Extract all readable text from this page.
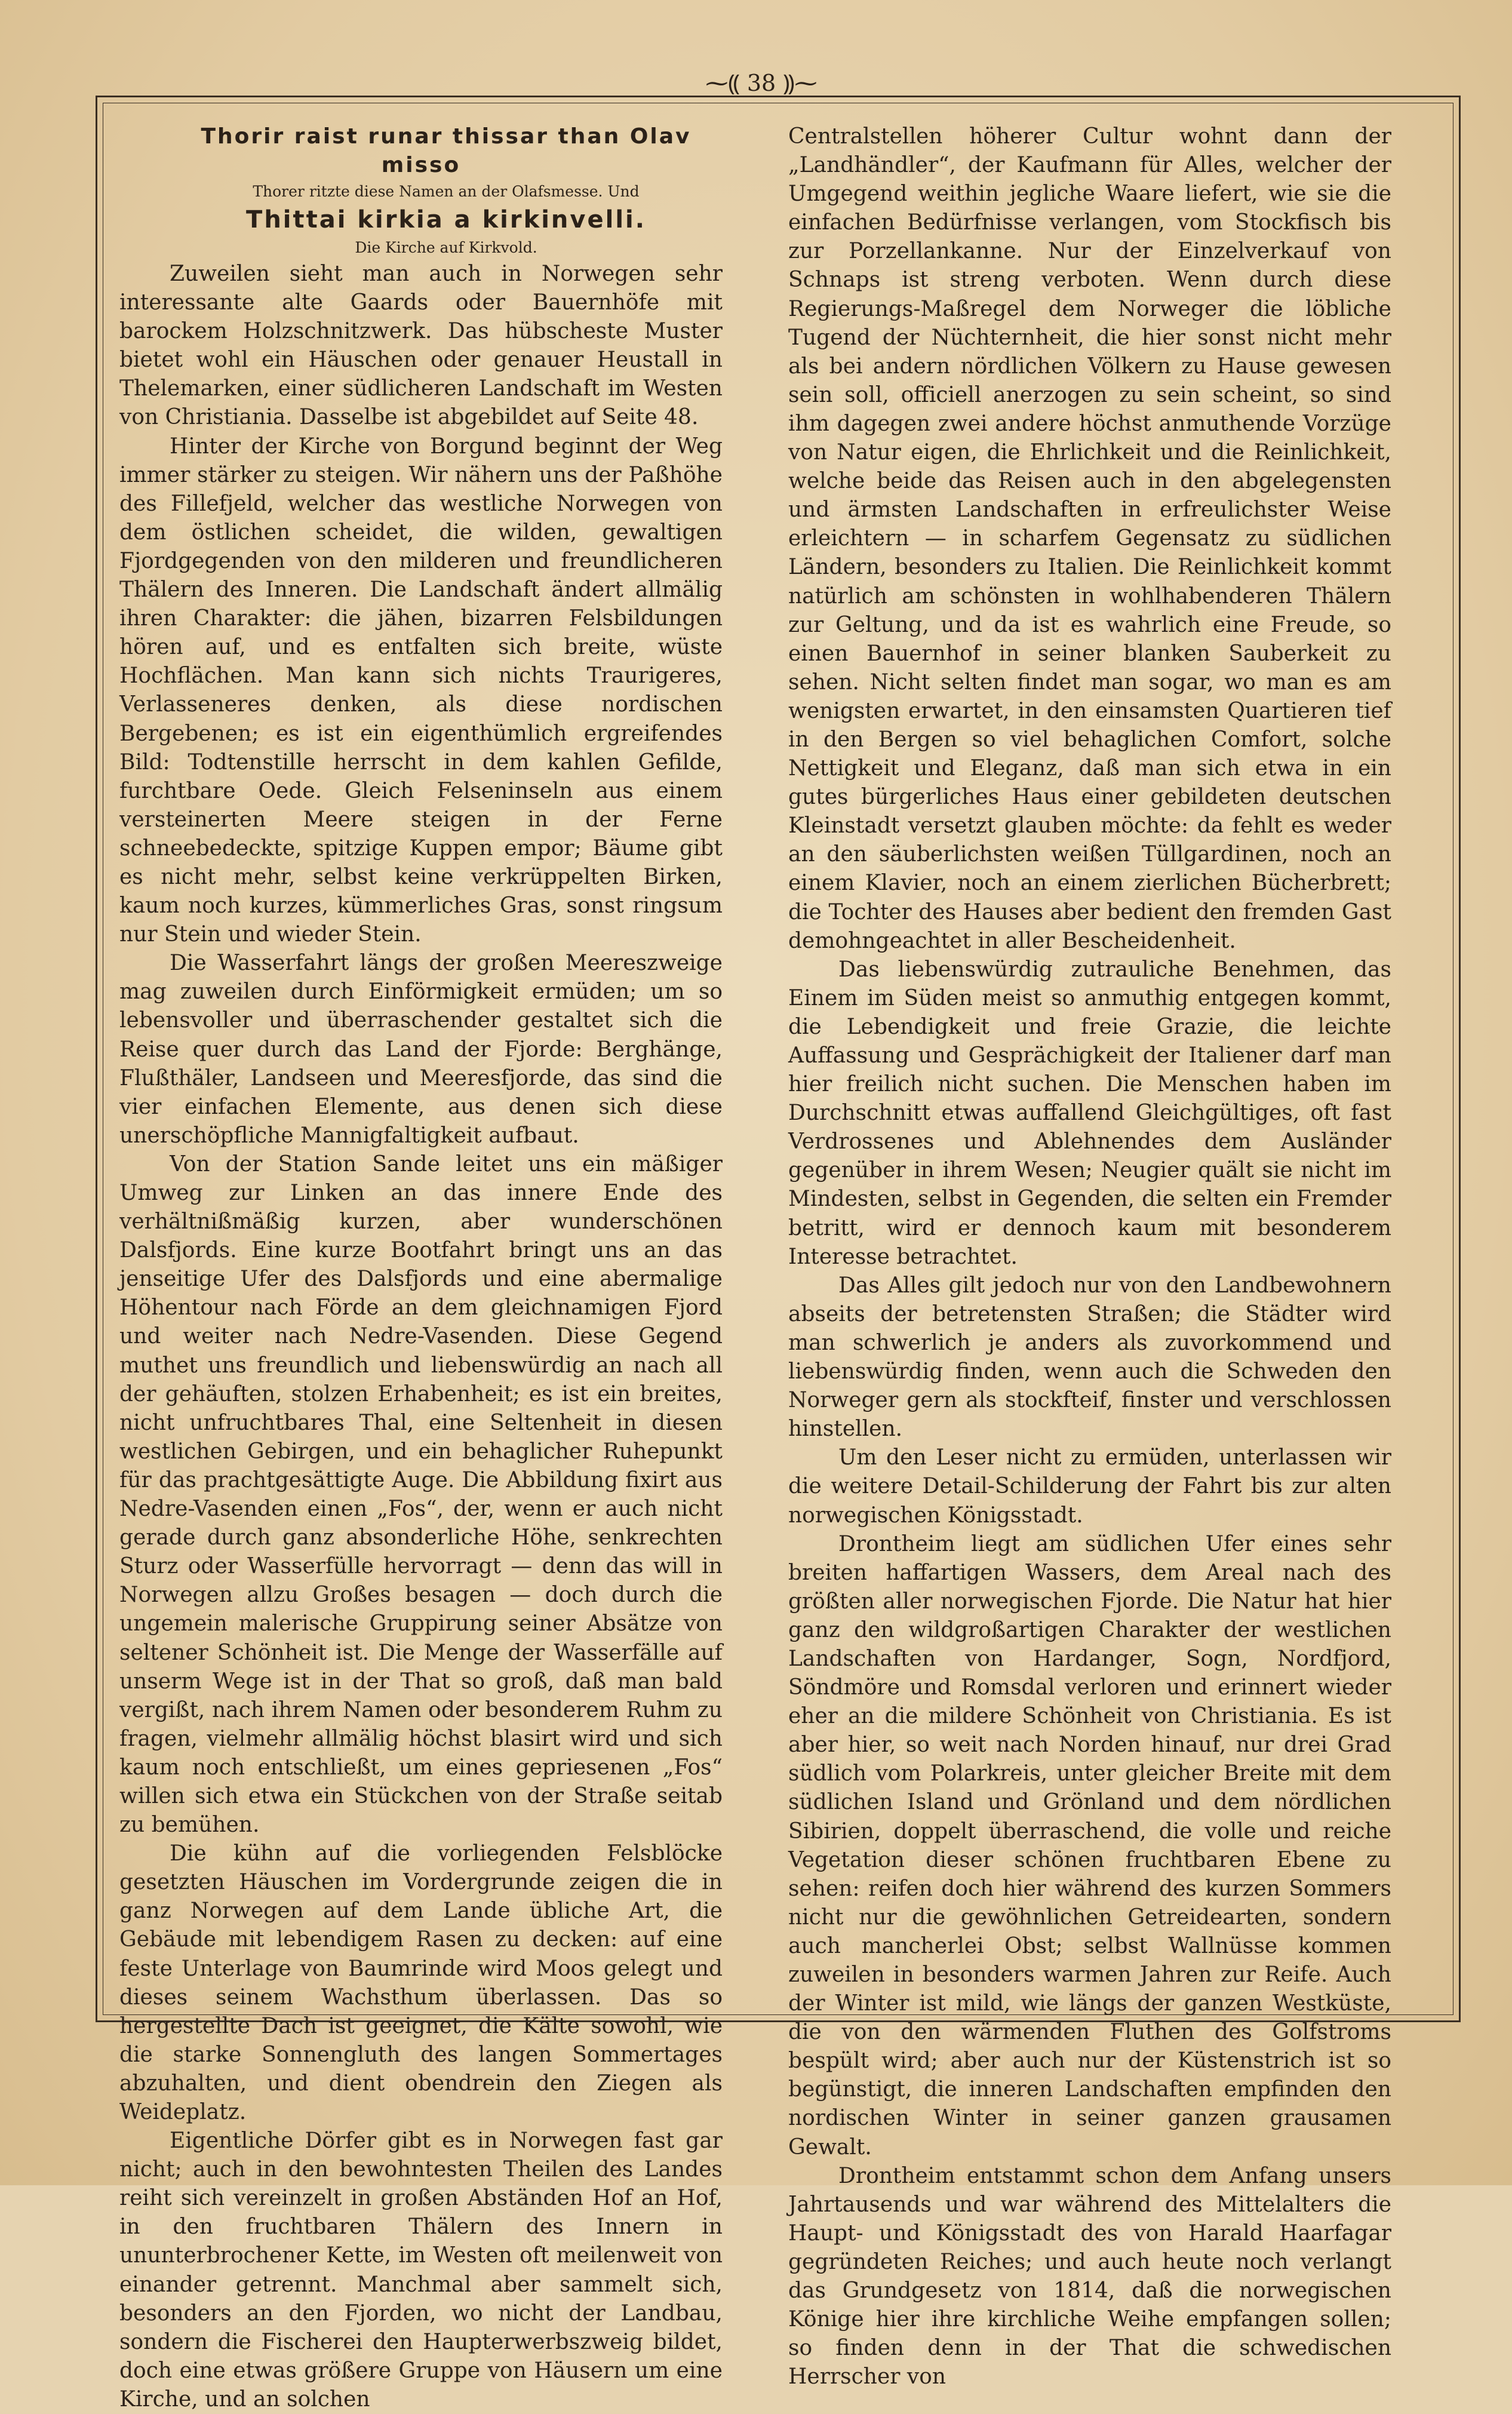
⁓⸨ 38 ⸩⁓

Thorir raist runar thissar than Olav misso

Thorer ritzte diese Namen an der Olafsmesse. Und

Thittai kirkia a kirkinvelli.

Die Kirche auf Kirkvold.

Zuweilen sieht man auch in Norwegen sehr interessante alte Gaards oder Bauernhöfe mit barockem Holzschnitzwerk. Das hübscheste Muster bietet wohl ein Häuschen oder genauer Heustall in Thelemarken, einer südlicheren Landschaft im Westen von Christiania. Dasselbe ist abgebildet auf Seite 48.

Hinter der Kirche von Borgund beginnt der Weg immer stärker zu steigen. Wir nähern uns der Paßhöhe des Fillefjeld, welcher das westliche Norwegen von dem östlichen scheidet, die wilden, gewaltigen Fjordgegenden von den milderen und freundlicheren Thälern des Inneren. Die Landschaft ändert allmälig ihren Charakter: die jähen, bizarren Felsbildungen hören auf, und es entfalten sich breite, wüste Hochflächen. Man kann sich nichts Traurigeres, Verlasseneres denken, als diese nordischen Bergebenen; es ist ein eigenthümlich ergreifendes Bild: Todtenstille herrscht in dem kahlen Gefilde, furchtbare Oede. Gleich Felseninseln aus einem versteinerten Meere steigen in der Ferne schneebedeckte, spitzige Kuppen empor; Bäume gibt es nicht mehr, selbst keine verkrüppelten Birken, kaum noch kurzes, kümmerliches Gras, sonst ringsum nur Stein und wieder Stein.

Die Wasserfahrt längs der großen Meereszweige mag zuweilen durch Einförmigkeit ermüden; um so lebensvoller und überraschender gestaltet sich die Reise quer durch das Land der Fjorde: Berghänge, Flußthäler, Landseen und Meeresfjorde, das sind die vier einfachen Elemente, aus denen sich diese unerschöpfliche Mannigfaltigkeit aufbaut.

Von der Station Sande leitet uns ein mäßiger Umweg zur Linken an das innere Ende des verhältnißmäßig kurzen, aber wunderschönen Dalsfjords. Eine kurze Bootfahrt bringt uns an das jenseitige Ufer des Dalsfjords und eine abermalige Höhentour nach Förde an dem gleichnamigen Fjord und weiter nach Nedre-Vasenden. Diese Gegend muthet uns freundlich und liebenswürdig an nach all der gehäuften, stolzen Erhabenheit; es ist ein breites, nicht unfruchtbares Thal, eine Seltenheit in diesen westlichen Gebirgen, und ein behaglicher Ruhepunkt für das prachtgesättigte Auge. Die Abbildung fixirt aus Nedre-Vasenden einen „Fos“, der, wenn er auch nicht gerade durch ganz absonderliche Höhe, senkrechten Sturz oder Wasserfülle hervorragt — denn das will in Norwegen allzu Großes besagen — doch durch die ungemein malerische Gruppirung seiner Absätze von seltener Schönheit ist. Die Menge der Wasserfälle auf unserm Wege ist in der That so groß, daß man bald vergißt, nach ihrem Namen oder besonderem Ruhm zu fragen, vielmehr allmälig höchst blasirt wird und sich kaum noch entschließt, um eines gepriesenen „Fos“ willen sich etwa ein Stückchen von der Straße seitab zu bemühen.

Die kühn auf die vorliegenden Felsblöcke gesetzten Häuschen im Vordergrunde zeigen die in ganz Norwegen auf dem Lande übliche Art, die Gebäude mit lebendigem Rasen zu decken: auf eine feste Unterlage von Baumrinde wird Moos gelegt und dieses seinem Wachsthum überlassen. Das so hergestellte Dach ist geeignet, die Kälte sowohl, wie die starke Sonnengluth des langen Sommertages abzuhalten, und dient obendrein den Ziegen als Weideplatz.

Eigentliche Dörfer gibt es in Norwegen fast gar nicht; auch in den bewohntesten Theilen des Landes reiht sich vereinzelt in großen Abständen Hof an Hof, in den fruchtbaren Thälern des Innern in ununterbrochener Kette, im Westen oft meilenweit von einander getrennt. Manchmal aber sammelt sich, besonders an den Fjorden, wo nicht der Landbau, sondern die Fischerei den Haupterwerbszweig bildet, doch eine etwas größere Gruppe von Häusern um eine Kirche, und an solchen

Centralstellen höherer Cultur wohnt dann der „Landhändler“, der Kaufmann für Alles, welcher der Umgegend weithin jegliche Waare liefert, wie sie die einfachen Bedürfnisse verlangen, vom Stockfisch bis zur Porzellankanne. Nur der Einzelverkauf von Schnaps ist streng verboten. Wenn durch diese Regierungs-Maßregel dem Norweger die löbliche Tugend der Nüchternheit, die hier sonst nicht mehr als bei andern nördlichen Völkern zu Hause gewesen sein soll, officiell anerzogen zu sein scheint, so sind ihm dagegen zwei andere höchst anmuthende Vorzüge von Natur eigen, die Ehrlichkeit und die Reinlichkeit, welche beide das Reisen auch in den abgelegensten und ärmsten Landschaften in erfreulichster Weise erleichtern — in scharfem Gegensatz zu südlichen Ländern, besonders zu Italien. Die Reinlichkeit kommt natürlich am schönsten in wohlhabenderen Thälern zur Geltung, und da ist es wahrlich eine Freude, so einen Bauernhof in seiner blanken Sauberkeit zu sehen. Nicht selten findet man sogar, wo man es am wenigsten erwartet, in den einsamsten Quartieren tief in den Bergen so viel behaglichen Comfort, solche Nettigkeit und Eleganz, daß man sich etwa in ein gutes bürgerliches Haus einer gebildeten deutschen Kleinstadt versetzt glauben möchte: da fehlt es weder an den säuberlichsten weißen Tüllgardinen, noch an einem Klavier, noch an einem zierlichen Bücherbrett; die Tochter des Hauses aber bedient den fremden Gast demohngeachtet in aller Bescheidenheit.

Das liebenswürdig zutrauliche Benehmen, das Einem im Süden meist so anmuthig entgegen kommt, die Lebendigkeit und freie Grazie, die leichte Auffassung und Gesprächigkeit der Italiener darf man hier freilich nicht suchen. Die Menschen haben im Durchschnitt etwas auffallend Gleichgültiges, oft fast Verdrossenes und Ablehnendes dem Ausländer gegenüber in ihrem Wesen; Neugier quält sie nicht im Mindesten, selbst in Gegenden, die selten ein Fremder betritt, wird er dennoch kaum mit besonderem Interesse betrachtet.

Das Alles gilt jedoch nur von den Landbewohnern abseits der betretensten Straßen; die Städter wird man schwerlich je anders als zuvorkommend und liebenswürdig finden, wenn auch die Schweden den Norweger gern als stockfteif, finster und verschlossen hinstellen.

Um den Leser nicht zu ermüden, unterlassen wir die weitere Detail-Schilderung der Fahrt bis zur alten norwegischen Königsstadt.

Drontheim liegt am südlichen Ufer eines sehr breiten haffartigen Wassers, dem Areal nach des größten aller norwegischen Fjorde. Die Natur hat hier ganz den wildgroßartigen Charakter der westlichen Landschaften von Hardanger, Sogn, Nordfjord, Söndmöre und Romsdal verloren und erinnert wieder eher an die mildere Schönheit von Christiania. Es ist aber hier, so weit nach Norden hinauf, nur drei Grad südlich vom Polarkreis, unter gleicher Breite mit dem südlichen Island und Grönland und dem nördlichen Sibirien, doppelt überraschend, die volle und reiche Vegetation dieser schönen fruchtbaren Ebene zu sehen: reifen doch hier während des kurzen Sommers nicht nur die gewöhnlichen Getreidearten, sondern auch mancherlei Obst; selbst Wallnüsse kommen zuweilen in besonders warmen Jahren zur Reife. Auch der Winter ist mild, wie längs der ganzen Westküste, die von den wärmenden Fluthen des Golfstroms bespült wird; aber auch nur der Küstenstrich ist so begünstigt, die inneren Landschaften empfinden den nordischen Winter in seiner ganzen grausamen Gewalt.

Drontheim entstammt schon dem Anfang unsers Jahrtausends und war während des Mittelalters die Haupt- und Königsstadt des von Harald Haarfagar gegründeten Reiches; und auch heute noch verlangt das Grundgesetz von 1814, daß die norwegischen Könige hier ihre kirchliche Weihe empfangen sollen; so finden denn in der That die schwedischen Herrscher von
